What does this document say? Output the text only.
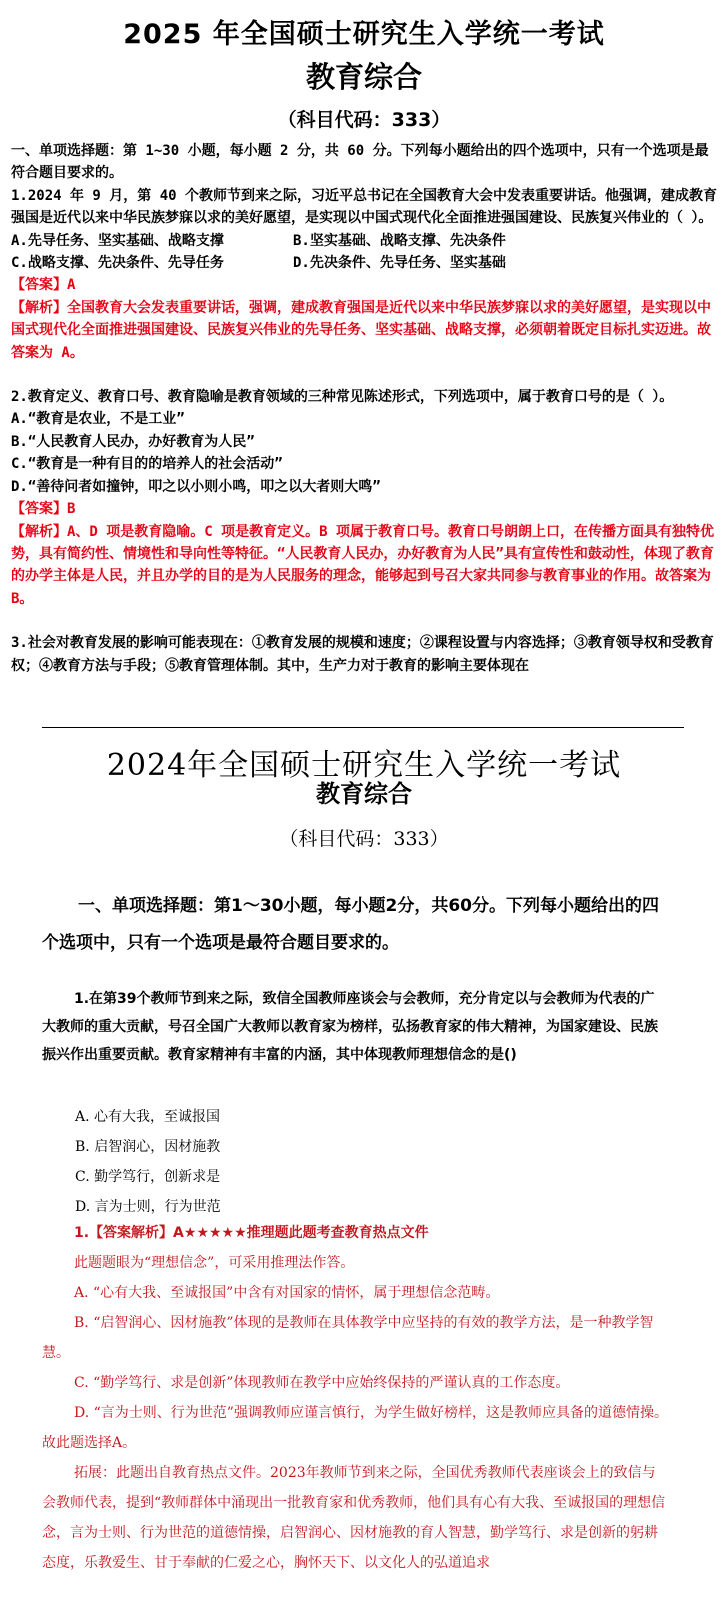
2025 年全国硕士研究生入学统一考试
教育综合
（科目代码：333）

一、单项选择题：第 1~30 小题，每小题 2 分，共 60 分。下列每小题给出的四个选项中，只有一个选项是最符合题目要求的。

1.2024 年 9 月，第 40 个教师节到来之际，习近平总书记在全国教育大会中发表重要讲话。他强调，建成教育强国是近代以来中华民族梦寐以求的美好愿望，是实现以中国式现代化全面推进强国建设、民族复兴伟业的（ ）。

A.先导任务、坚实基础、战略支撑	B.坚实基础、战略支撑、先决条件
C.战略支撑、先决条件、先导任务	D.先决条件、先导任务、坚实基础

【答案】A

【解析】全国教育大会发表重要讲话，强调，建成教育强国是近代以来中华民族梦寐以求的美好愿望，是实现以中国式现代化全面推进强国建设、民族复兴伟业的先导任务、坚实基础、战略支撑，必须朝着既定目标扎实迈进。故答案为 A。

2.教育定义、教育口号、教育隐喻是教育领域的三种常见陈述形式，下列选项中，属于教育口号的是（ ）。

A.“教育是农业，不是工业”

B.“人民教育人民办，办好教育为人民”

C.“教育是一种有目的的培养人的社会活动”

D.“善待问者如撞钟，叩之以小则小鸣，叩之以大者则大鸣”

【答案】B

【解析】A、D 项是教育隐喻。C 项是教育定义。B 项属于教育口号。教育口号朗朗上口，在传播方面具有独特优势，具有简约性、情境性和导向性等特征。“人民教育人民办，办好教育为人民”具有宣传性和鼓动性，体现了教育的办学主体是人民，并且办学的目的是为人民服务的理念，能够起到号召大家共同参与教育事业的作用。故答案为 B。

3.社会对教育发展的影响可能表现在：①教育发展的规模和速度；②课程设置与内容选择；③教育领导权和受教育权；④教育方法与手段；⑤教育管理体制。其中，生产力对于教育的影响主要体现在

2024年全国硕士研究生入学统一考试
教育综合
（科目代码：333）
一、单项选择题：第1～30小题，每小题2分，共60分。下列每小题给出的四个选项中，只有一个选项是最符合题目要求的。
1.在第39个教师节到来之际，致信全国教师座谈会与会教师，充分肯定以与会教师为代表的广大教师的重大贡献，号召全国广大教师以教育家为榜样，弘扬教育家的伟大精神，为国家建设、民族振兴作出重要贡献。教育家精神有丰富的内涵，其中体现教师理想信念的是()
A. 心有大我，至诚报国
B. 启智润心，因材施教
C. 勤学笃行，创新求是
D. 言为士则，行为世范
1.【答案解析】A★★★★★推理题此题考查教育热点文件

此题题眼为“理想信念”，可采用推理法作答。

A. “心有大我、至诚报国”中含有对国家的情怀，属于理想信念范畴。

B. “启智润心、因材施教”体现的是教师在具体教学中应坚持的有效的教学方法，是一种教学智慧。

C. “勤学笃行、求是创新”体现教师在教学中应始终保持的严谨认真的工作态度。

D. “言为士则、行为世范”强调教师应谨言慎行，为学生做好榜样，这是教师应具备的道德情操。故此题选择A。

拓展：此题出自教育热点文件。2023年教师节到来之际，全国优秀教师代表座谈会上的致信与会教师代表，提到“教师群体中涌现出一批教育家和优秀教师，他们具有心有大我、至诚报国的理想信念，言为士则、行为世范的道德情操，启智润心、因材施教的育人智慧，勤学笃行、求是创新的躬耕态度，乐教爱生、甘于奉献的仁爱之心，胸怀天下、以文化人的弘道追求
